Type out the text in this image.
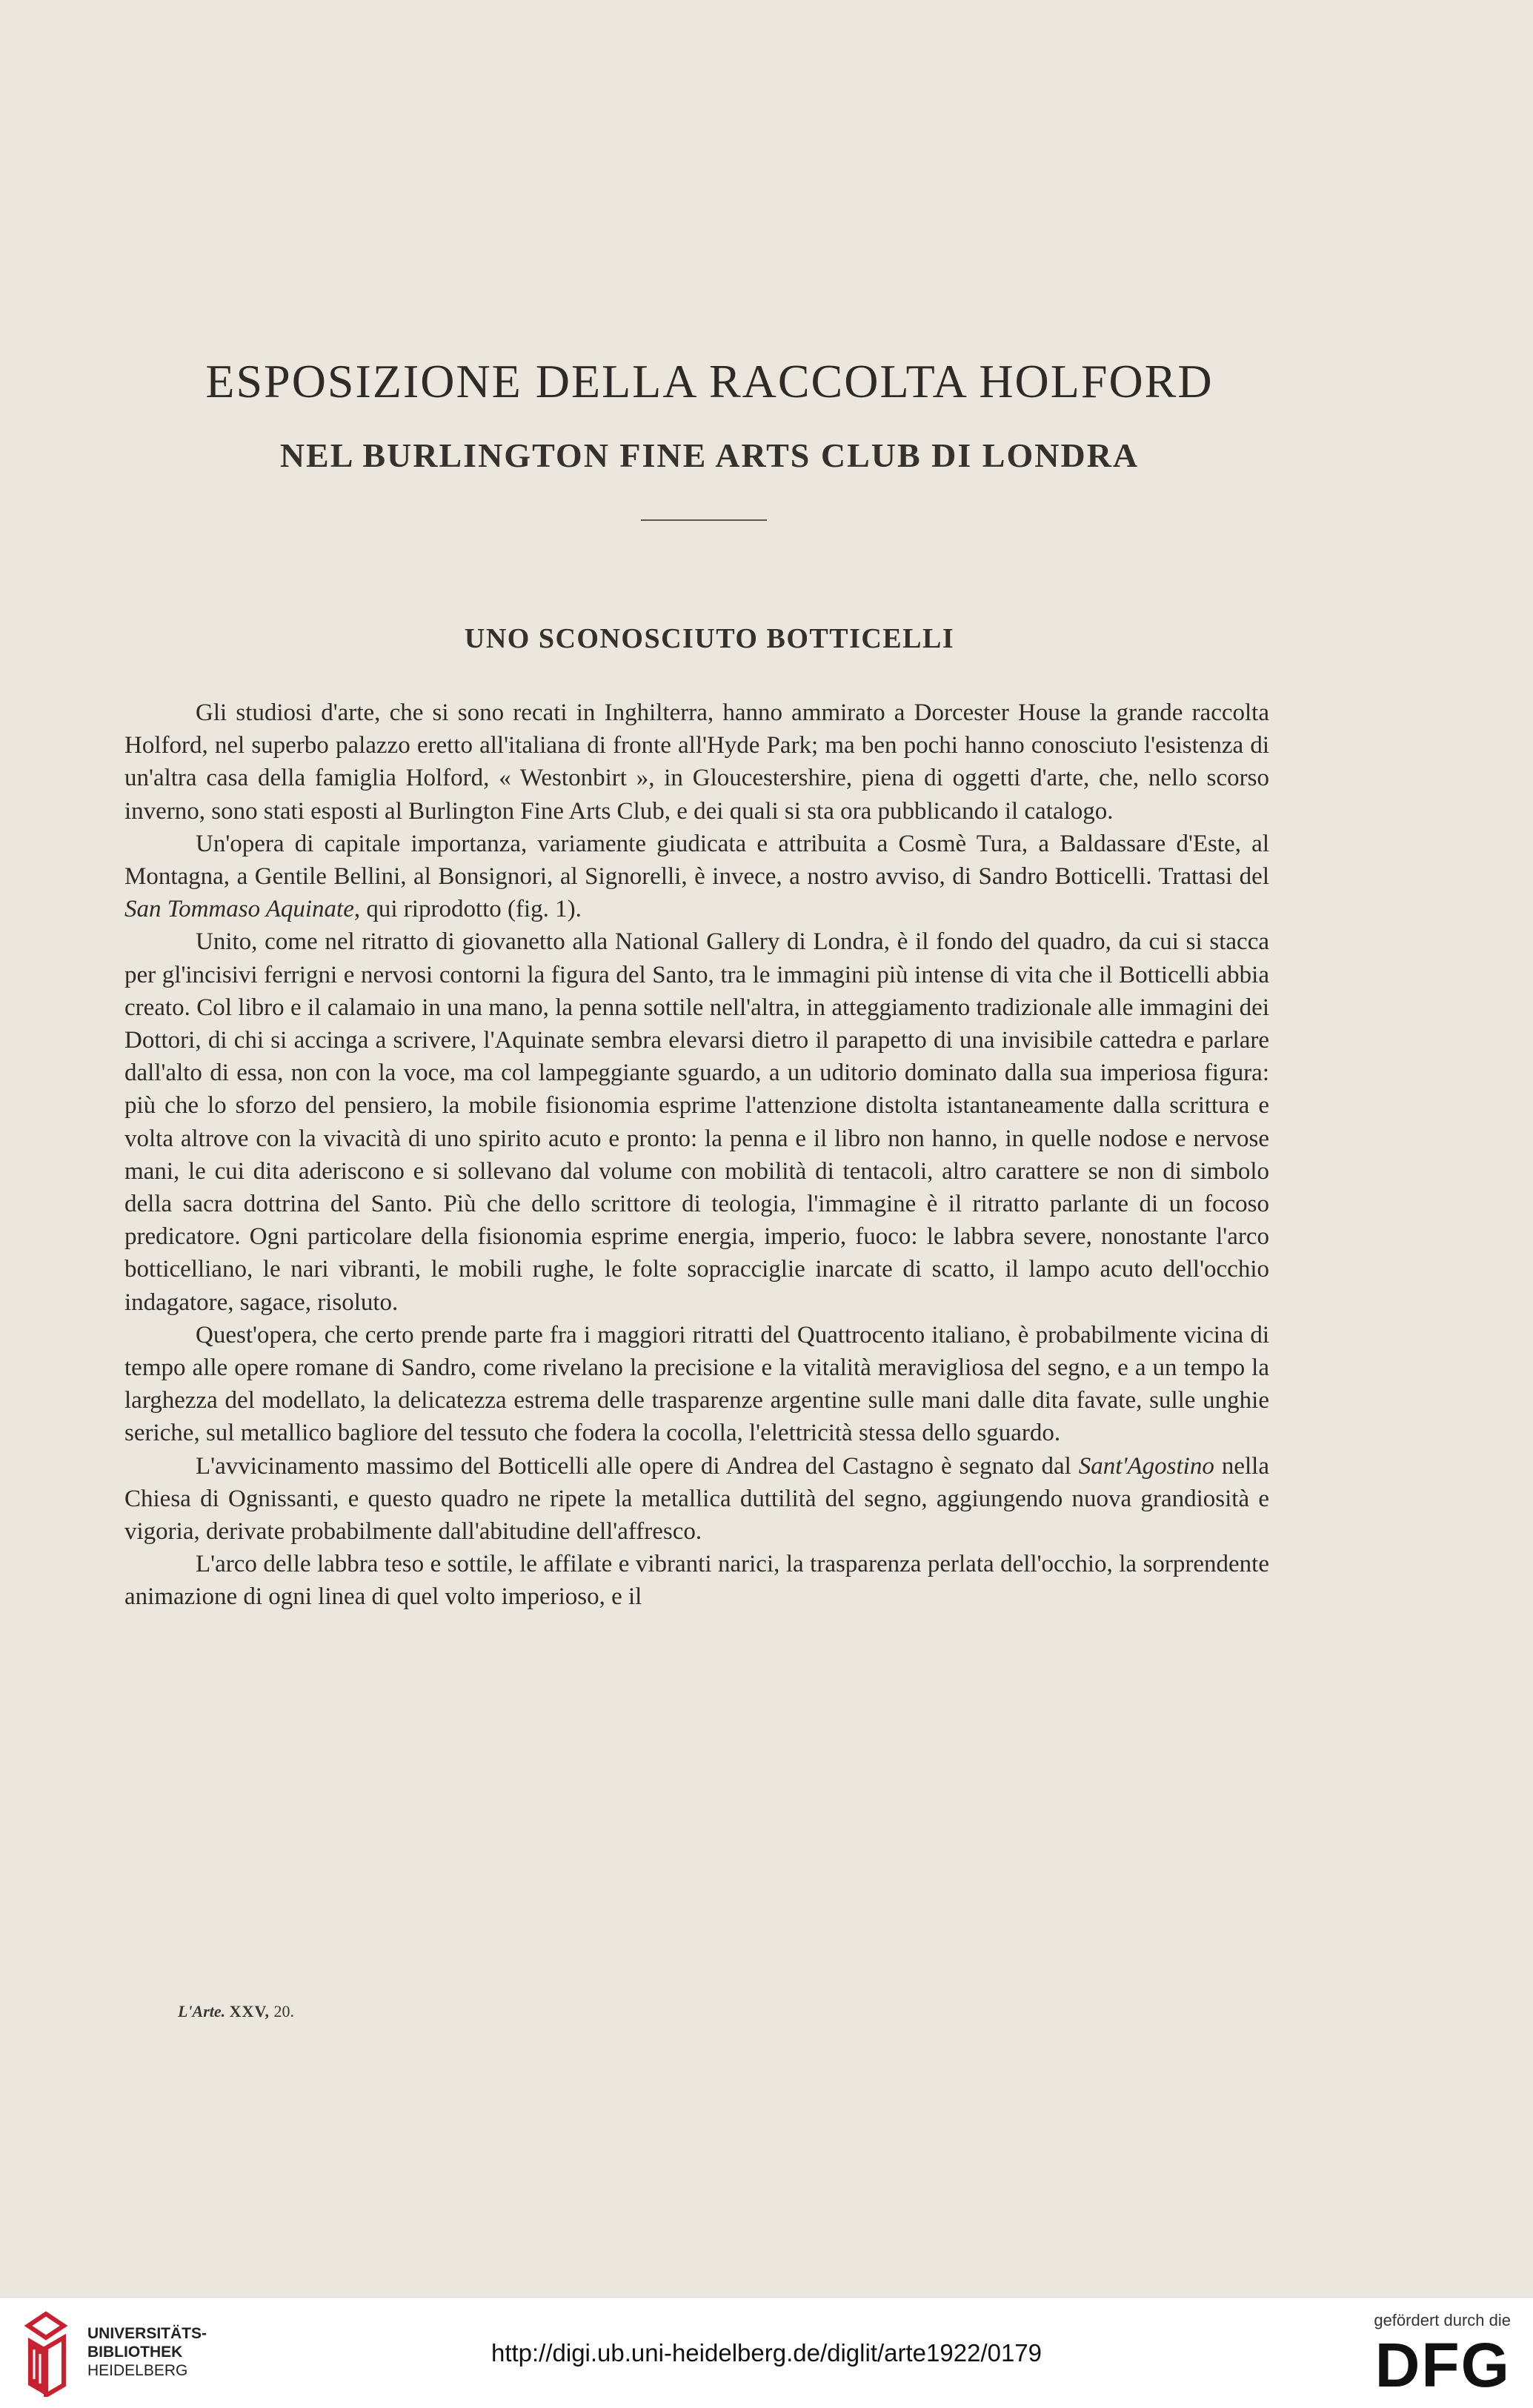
ESPOSIZIONE DELLA RACCOLTA HOLFORD
NEL BURLINGTON FINE ARTS CLUB DI LONDRA
UNO SCONOSCIUTO BOTTICELLI

Gli studiosi d'arte, che si sono recati in Inghilterra, hanno ammirato a Dorcester House la grande raccolta Holford, nel superbo palazzo eretto all'italiana di fronte all'Hyde Park; ma ben pochi hanno conosciuto l'esistenza di un'altra casa della famiglia Holford, « Westonbirt », in Gloucestershire, piena di oggetti d'arte, che, nello scorso inverno, sono stati esposti al Burlington Fine Arts Club, e dei quali si sta ora pubblicando il catalogo.

Un'opera di capitale importanza, variamente giudicata e attribuita a Cosmè Tura, a Baldassare d'Este, al Montagna, a Gentile Bellini, al Bonsignori, al Signorelli, è invece, a nostro avviso, di Sandro Botticelli. Trattasi del San Tommaso Aquinate, qui riprodotto (fig. 1).

Unito, come nel ritratto di giovanetto alla National Gallery di Londra, è il fondo del quadro, da cui si stacca per gl'incisivi ferrigni e nervosi contorni la figura del Santo, tra le immagini più intense di vita che il Botticelli abbia creato. Col libro e il calamaio in una mano, la penna sottile nell'altra, in atteggiamento tradizionale alle immagini dei Dottori, di chi si accinga a scrivere, l'Aquinate sembra elevarsi dietro il parapetto di una invisibile cattedra e parlare dall'alto di essa, non con la voce, ma col lampeggiante sguardo, a un uditorio dominato dalla sua imperiosa figura: più che lo sforzo del pensiero, la mobile fisionomia esprime l'attenzione distolta istantaneamente dalla scrittura e volta altrove con la vivacità di uno spirito acuto e pronto: la penna e il libro non hanno, in quelle nodose e nervose mani, le cui dita aderiscono e si sollevano dal volume con mobilità di tentacoli, altro carattere se non di simbolo della sacra dottrina del Santo. Più che dello scrittore di teologia, l'immagine è il ritratto parlante di un focoso predicatore. Ogni particolare della fisionomia esprime energia, imperio, fuoco: le labbra severe, nonostante l'arco botticelliano, le nari vibranti, le mobili rughe, le folte sopracciglie inarcate di scatto, il lampo acuto dell'occhio indagatore, sagace, risoluto.

Quest'opera, che certo prende parte fra i maggiori ritratti del Quattrocento italiano, è probabilmente vicina di tempo alle opere romane di Sandro, come rivelano la precisione e la vitalità meravigliosa del segno, e a un tempo la larghezza del modellato, la delicatezza estrema delle trasparenze argentine sulle mani dalle dita favate, sulle unghie seriche, sul metallico bagliore del tessuto che fodera la cocolla, l'elettricità stessa dello sguardo.

L'avvicinamento massimo del Botticelli alle opere di Andrea del Castagno è segnato dal Sant'Agostino nella Chiesa di Ognissanti, e questo quadro ne ripete la metallica duttilità del segno, aggiungendo nuova grandiosità e vigoria, derivate probabilmente dall'abitudine dell'affresco.

L'arco delle labbra teso e sottile, le affilate e vibranti narici, la trasparenza perlata dell'occhio, la sorprendente animazione di ogni linea di quel volto imperioso, e il

L'Arte. XXV, 20.
UNIVERSITÄTS-
BIBLIOTHEK
HEIDELBERG
http://digi.ub.uni-heidelberg.de/diglit/arte1922/0179
gefördert durch die
DFG
